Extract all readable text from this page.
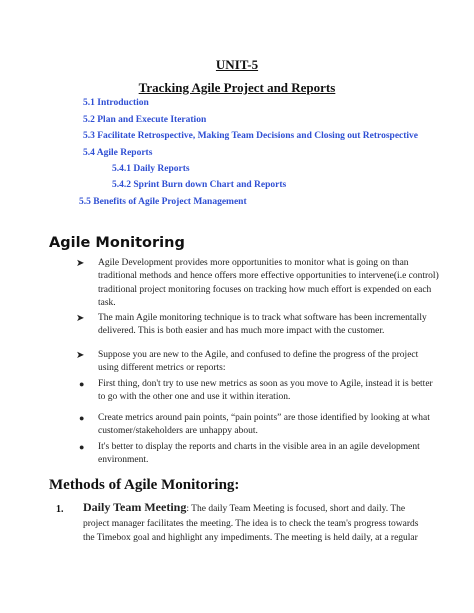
UNIT-5
Tracking Agile Project and Reports
5.1 Introduction
5.2 Plan and Execute Iteration
5.3 Facilitate Retrospective, Making Team Decisions and Closing out Retrospective
5.4 Agile Reports
5.4.1 Daily Reports
5.4.2 Sprint Burn down Chart and Reports
5.5 Benefits of Agile Project Management
Agile Monitoring
➤ Agile Development provides more opportunities to monitor what is going on than
traditional methods and hence offers more effective opportunities to intervene(i.e control)
traditional project monitoring focuses on tracking how much effort is expended on each
task.
➤ The main Agile monitoring technique is to track what software has been incrementally
delivered. This is both easier and has much more impact with the customer.
➤ Suppose you are new to the Agile, and confused to define the progress of the project
using different metrics or reports:
● First thing, don't try to use new metrics as soon as you move to Agile, instead it is better
to go with the other one and use it within iteration.
● Create metrics around pain points, “pain points” are those identified by looking at what
customer/stakeholders are unhappy about.
● It's better to display the reports and charts in the visible area in an agile development
environment.
Methods of Agile Monitoring:
1. Daily Team Meeting: The daily Team Meeting is focused, short and daily. The
project manager facilitates the meeting. The idea is to check the team's progress towards
the Timebox goal and highlight any impediments. The meeting is held daily, at a regular
